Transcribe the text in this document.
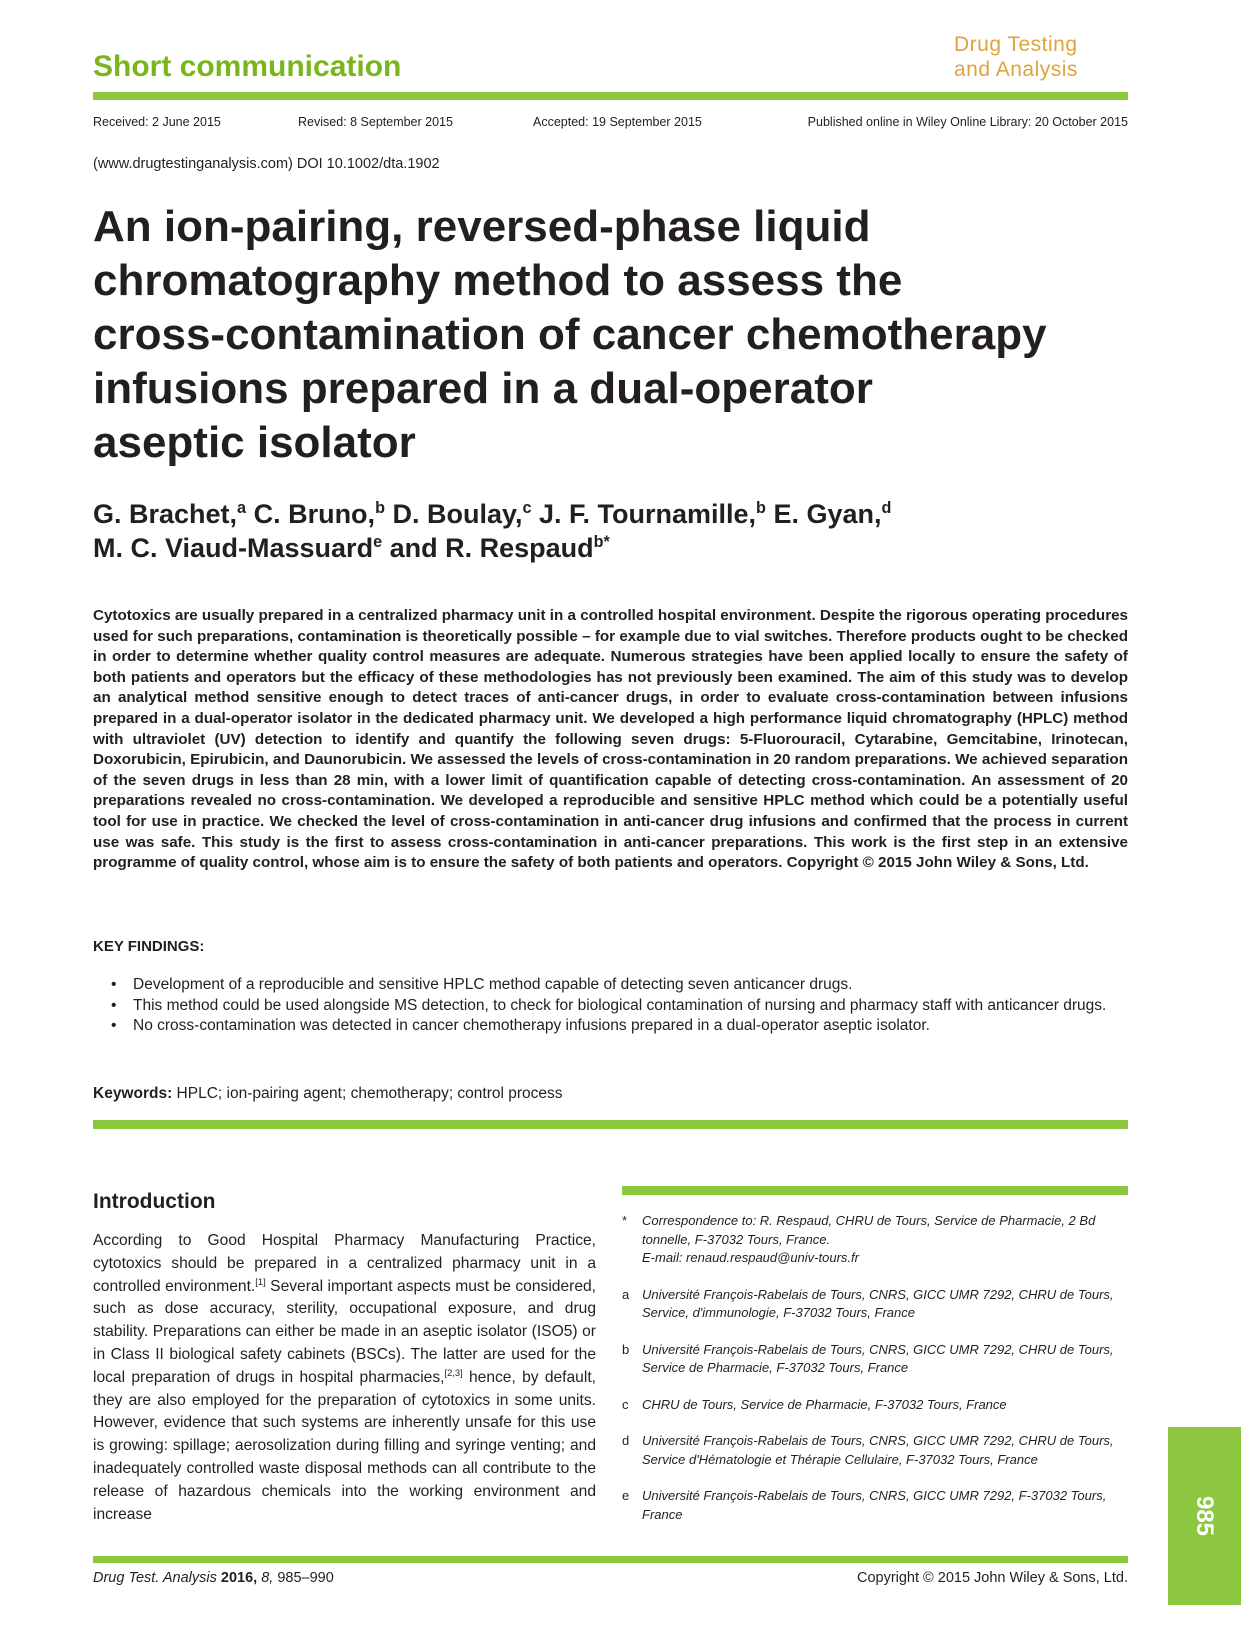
Short communication
Drug Testing
and Analysis
Received: 2 June 2015	Revised: 8 September 2015	Accepted: 19 September 2015	Published online in Wiley Online Library: 20 October 2015
(www.drugtestinganalysis.com) DOI 10.1002/dta.1902
An ion-pairing, reversed-phase liquid
chromatography method to assess the
cross-contamination of cancer chemotherapy
infusions prepared in a dual-operator
aseptic isolator
G. Brachet,$^a$ C. Bruno,$^b$ D. Boulay,$^c$ J. F. Tournamille,$^b$ E. Gyan,$^d$
M. C. Viaud-Massuard$^e$ and R. Respaud$^{b*}$
Cytotoxics are usually prepared in a centralized pharmacy unit in a controlled hospital environment. Despite the rigorous operating procedures used for such preparations, contamination is theoretically possible – for example due to vial switches. Therefore products ought to be checked in order to determine whether quality control measures are adequate. Numerous strategies have been applied locally to ensure the safety of both patients and operators but the efficacy of these methodologies has not previously been examined. The aim of this study was to develop an analytical method sensitive enough to detect traces of anti-cancer drugs, in order to evaluate cross-contamination between infusions prepared in a dual-operator isolator in the dedicated pharmacy unit. We developed a high performance liquid chromatography (HPLC) method with ultraviolet (UV) detection to identify and quantify the following seven drugs: 5-Fluorouracil, Cytarabine, Gemcitabine, Irinotecan, Doxorubicin, Epirubicin, and Daunorubicin. We assessed the levels of cross-contamination in 20 random preparations. We achieved separation of the seven drugs in less than 28 min, with a lower limit of quantification capable of detecting cross-contamination. An assessment of 20 preparations revealed no cross-contamination. We developed a reproducible and sensitive HPLC method which could be a potentially useful tool for use in practice. We checked the level of cross-contamination in anti-cancer drug infusions and confirmed that the process in current use was safe. This study is the first to assess cross-contamination in anti-cancer preparations. This work is the first step in an extensive programme of quality control, whose aim is to ensure the safety of both patients and operators. Copyright © 2015 John Wiley & Sons, Ltd.
KEY FINDINGS:
• Development of a reproducible and sensitive HPLC method capable of detecting seven anticancer drugs.
• This method could be used alongside MS detection, to check for biological contamination of nursing and pharmacy staff with anticancer drugs.
• No cross-contamination was detected in cancer chemotherapy infusions prepared in a dual-operator aseptic isolator.
Keywords: HPLC; ion-pairing agent; chemotherapy; control process
Introduction
According to Good Hospital Pharmacy Manufacturing Practice, cytotoxics should be prepared in a centralized pharmacy unit in a controlled environment.[1] Several important aspects must be considered, such as dose accuracy, sterility, occupational exposure, and drug stability. Preparations can either be made in an aseptic isolator (ISO5) or in Class II biological safety cabinets (BSCs). The latter are used for the local preparation of drugs in hospital pharmacies,[2,3] hence, by default, they are also employed for the preparation of cytotoxics in some units. However, evidence that such systems are inherently unsafe for this use is growing: spillage; aerosolization during filling and syringe venting; and inadequately controlled waste disposal methods can all contribute to the release of hazardous chemicals into the working environment and increase
* Correspondence to: R. Respaud, CHRU de Tours, Service de Pharmacie, 2 Bd tonnelle, F-37032 Tours, France.
E-mail: renaud.respaud@univ-tours.fr
a Université François-Rabelais de Tours, CNRS, GICC UMR 7292, CHRU de Tours, Service, d'immunologie, F-37032 Tours, France
b Université François-Rabelais de Tours, CNRS, GICC UMR 7292, CHRU de Tours, Service de Pharmacie, F-37032 Tours, France
c CHRU de Tours, Service de Pharmacie, F-37032 Tours, France
d Université François-Rabelais de Tours, CNRS, GICC UMR 7292, CHRU de Tours, Service d'Hématologie et Thérapie Cellulaire, F-37032 Tours, France
e Université François-Rabelais de Tours, CNRS, GICC UMR 7292, F-37032 Tours, France	985
Drug Test. Analysis 2016, 8, 985–990	Copyright © 2015 John Wiley & Sons, Ltd.
